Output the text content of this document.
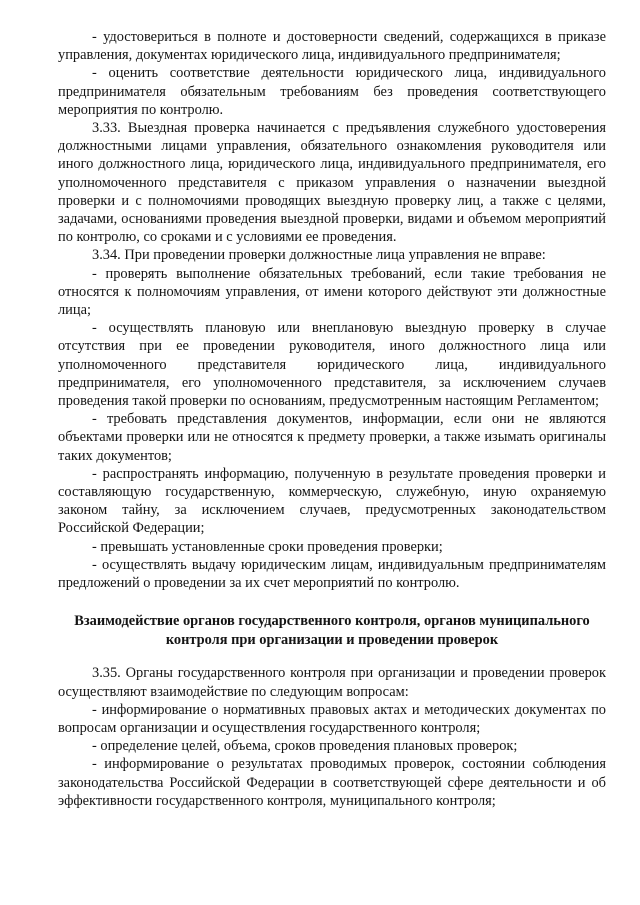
- удостовериться в полноте и достоверности сведений, содержащихся в приказе управления, документах юридического лица, индивидуального предпринимателя;

- оценить соответствие деятельности юридического лица, индивидуального предпринимателя обязательным требованиям без проведения соответствующего мероприятия по контролю.

3.33. Выездная проверка начинается с предъявления служебного удостоверения должностными лицами управления, обязательного ознакомления руководителя или иного должностного лица, юридического лица, индивидуального предпринимателя, его уполномоченного представителя с приказом управления о назначении выездной проверки и с полномочиями проводящих выездную проверку лиц, а также с целями, задачами, основаниями проведения выездной проверки, видами и объемом мероприятий по контролю, со сроками и с условиями ее проведения.

3.34. При проведении проверки должностные лица управления не вправе:

- проверять выполнение обязательных требований, если такие требования не относятся к полномочиям управления, от имени которого действуют эти должностные лица;

- осуществлять плановую или внеплановую выездную проверку в случае отсутствия при ее проведении руководителя, иного должностного лица или уполномоченного представителя юридического лица, индивидуального предпринимателя, его уполномоченного представителя, за исключением случаев проведения такой проверки по основаниям, предусмотренным настоящим Регламентом;

- требовать представления документов, информации, если они не являются объектами проверки или не относятся к предмету проверки, а также изымать оригиналы таких документов;

- распространять информацию, полученную в результате проведения проверки и составляющую государственную, коммерческую, служебную, иную охраняемую законом тайну, за исключением случаев, предусмотренных законодательством Российской Федерации;

- превышать установленные сроки проведения проверки;

- осуществлять выдачу юридическим лицам, индивидуальным предпринимателям предложений о проведении за их счет мероприятий по контролю.

Взаимодействие органов государственного контроля, органов муниципального контроля при организации и проведении проверок

3.35. Органы государственного контроля при организации и проведении проверок осуществляют взаимодействие по следующим вопросам:

- информирование о нормативных правовых актах и методических документах по вопросам организации и осуществления государственного контроля;

- определение целей, объема, сроков проведения плановых проверок;

- информирование о результатах проводимых проверок, состоянии соблюдения законодательства Российской Федерации в соответствующей сфере деятельности и об эффективности государственного контроля, муниципального контроля;
